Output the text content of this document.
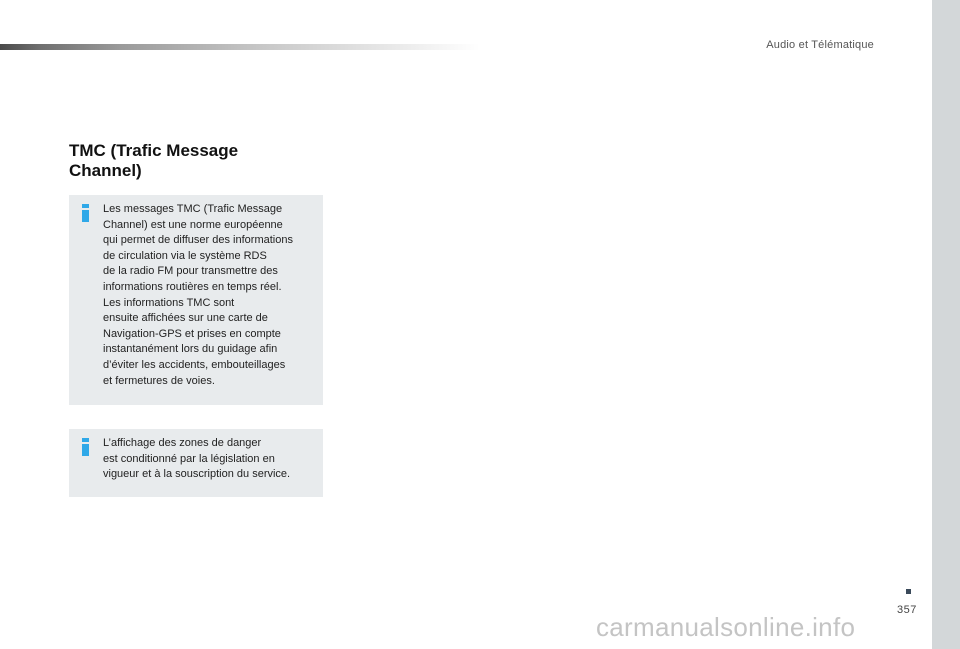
Audio et Télématique
TMC (Trafic Message
Channel)
Les messages TMC (Trafic Message
Channel) est une norme européenne
qui permet de diffuser des informations
de circulation via le système RDS
de la radio FM pour transmettre des
informations routières en temps réel.
Les informations TMC sont
ensuite affichées sur une carte de
Navigation-GPS et prises en compte
instantanément lors du guidage afin
d’éviter les accidents, embouteillages
et fermetures de voies.
L’affichage des zones de danger
est conditionné par la législation en
vigueur et à la souscription du service.
357
carmanualsonline.info
